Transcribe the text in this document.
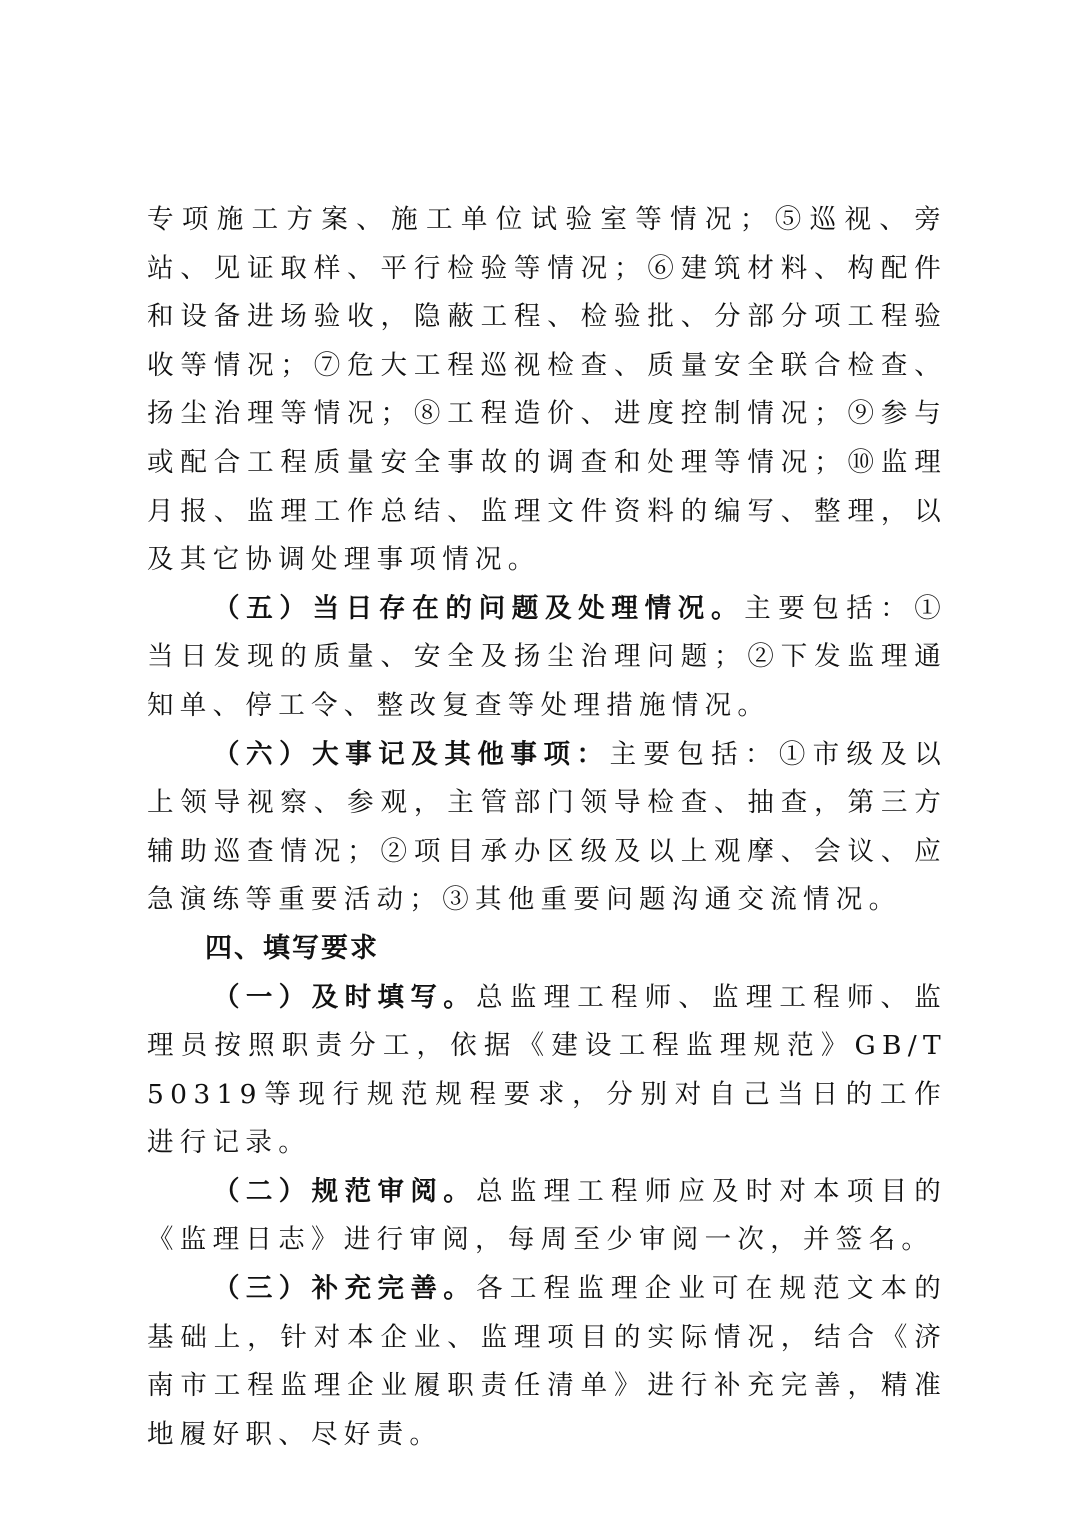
专项施工方案、施工单位试验室等情况；⑤巡视、旁站、见证取样、平行检验等情况；⑥建筑材料、构配件和设备进场验收，隐蔽工程、检验批、分部分项工程验收等情况；⑦危大工程巡视检查、质量安全联合检查、扬尘治理等情况；⑧工程造价、进度控制情况；⑨参与或配合工程质量安全事故的调查和处理等情况；⑩监理月报、监理工作总结、监理文件资料的编写、整理，以及其它协调处理事项情况。

（五）当日存在的问题及处理情况。主要包括：①当日发现的质量、安全及扬尘治理问题；②下发监理通知单、停工令、整改复查等处理措施情况。

（六）大事记及其他事项：主要包括：①市级及以上领导视察、参观，主管部门领导检查、抽查，第三方辅助巡查情况；②项目承办区级及以上观摩、会议、应急演练等重要活动；③其他重要问题沟通交流情况。

四、填写要求

（一）及时填写。总监理工程师、监理工程师、监理员按照职责分工，依据《建设工程监理规范》GB/T50319等现行规范规程要求，分别对自己当日的工作进行记录。

（二）规范审阅。总监理工程师应及时对本项目的《监理日志》进行审阅，每周至少审阅一次，并签名。

（三）补充完善。各工程监理企业可在规范文本的基础上，针对本企业、监理项目的实际情况，结合《济南市工程监理企业履职责任清单》进行补充完善，精准地履好职、尽好责。
